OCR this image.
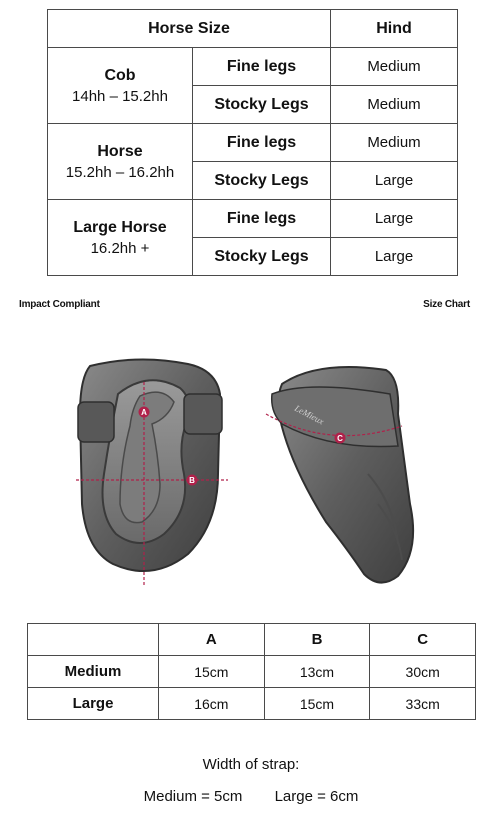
Horse Size		Hind

Cob
14hh – 15.2hh	Fine legs	Medium
	Stocky Legs	Medium

Horse
15.2hh – 16.2hh	Fine legs	Medium
	Stocky Legs	Large

Large Horse
16.2hh +	Fine legs	Large
	Stocky Legs	Large
Impact Compliant	Size Chart
A
B
LeMieux
C
	A	B	C
Medium	15cm	13cm	30cm
Large	16cm	15cm	33cm
Width of strap:
Medium = 5cm Large = 6cm
